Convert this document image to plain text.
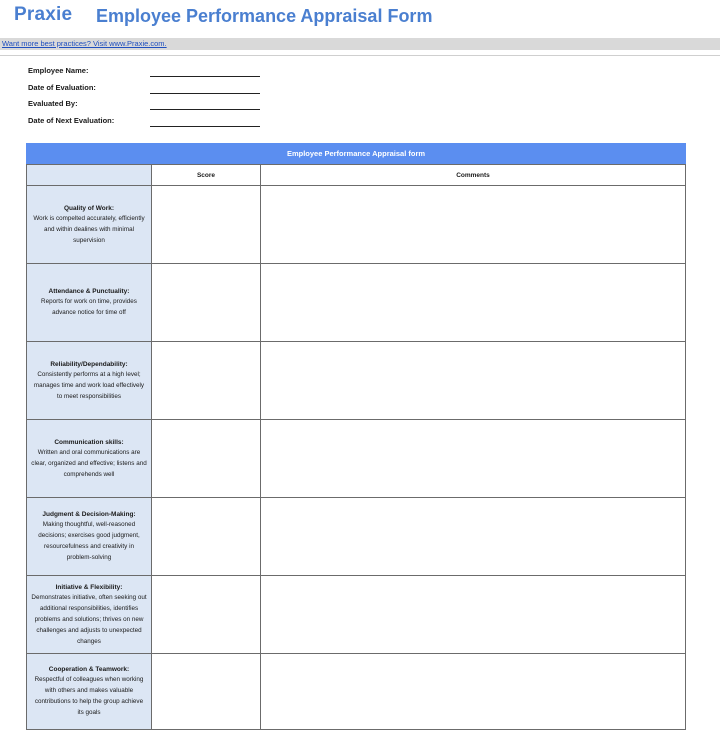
Praxie Employee Performance Appraisal Form
Want more best practices? Visit www.Praxie.com.
Employee Name:
Date of Evaluation:
Evaluated By:
Date of Next Evaluation:
Employee Performance Appraisal form
Score	Comments
Quality of Work:
Work is compelted accurately, efficiently and within dealines with minimal supervision
Attendance & Punctuality:
Reports for work on time, provides advance notice for time off
Reliability/Dependability:
Consistently performs at a high level; manages time and work load effectively to meet responsibilities
Communication skills:
Written and oral communications are clear, organized and effective; listens and comprehends well
Judgment & Decision-Making:
Making thoughtful, well-reasoned decisions; exercises good judgment, resourcefulness and creativity in problem-solving
Initiative & Flexibility:
Demonstrates initiative, often seeking out additional responsibilities, identifies problems and solutions; thrives on new challenges and adjusts to unexpected changes
Cooperation & Teamwork:
Respectful of colleagues when working with others and makes valuable contributions to help the group achieve its goals
